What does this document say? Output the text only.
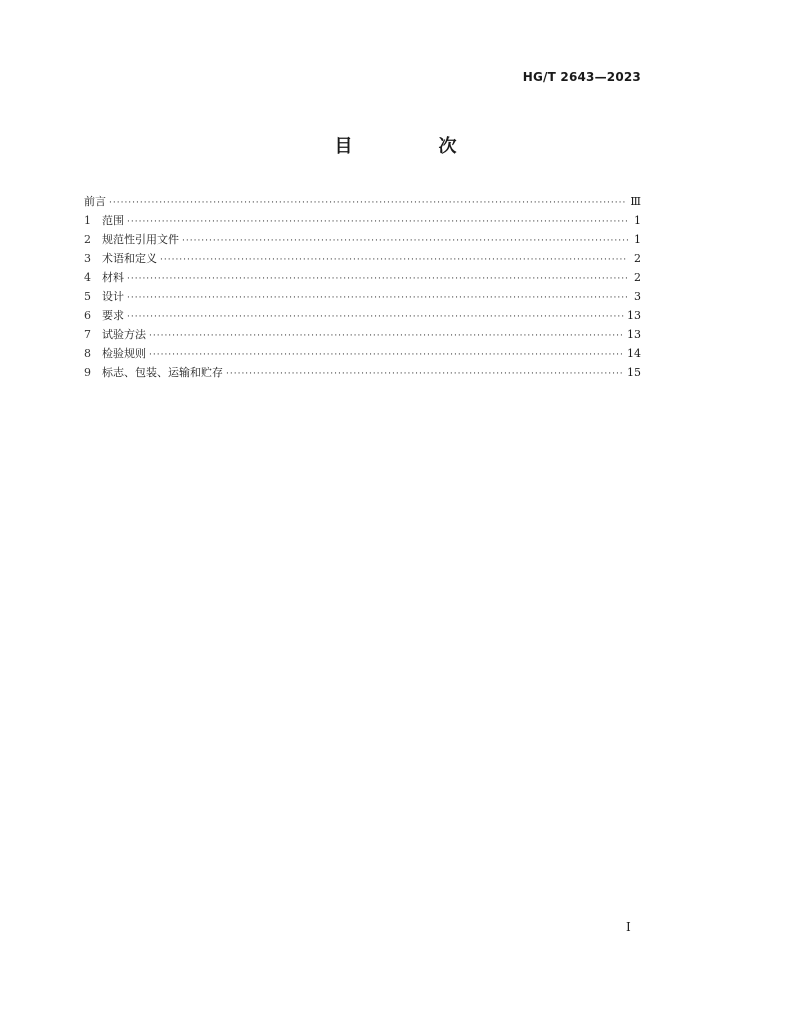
HG/T 2643—2023
目　次
前言 ·····	Ⅲ
1	范围 ·····	1
2	规范性引用文件 ·····	1
3	术语和定义 ·····	2
4	材料 ·····	2
5	设计 ·····	3
6	要求 ·····	13
7	试验方法 ·····	13
8	检验规则 ·····	14
9	标志、包装、运输和贮存 ·····	15
Ⅰ
